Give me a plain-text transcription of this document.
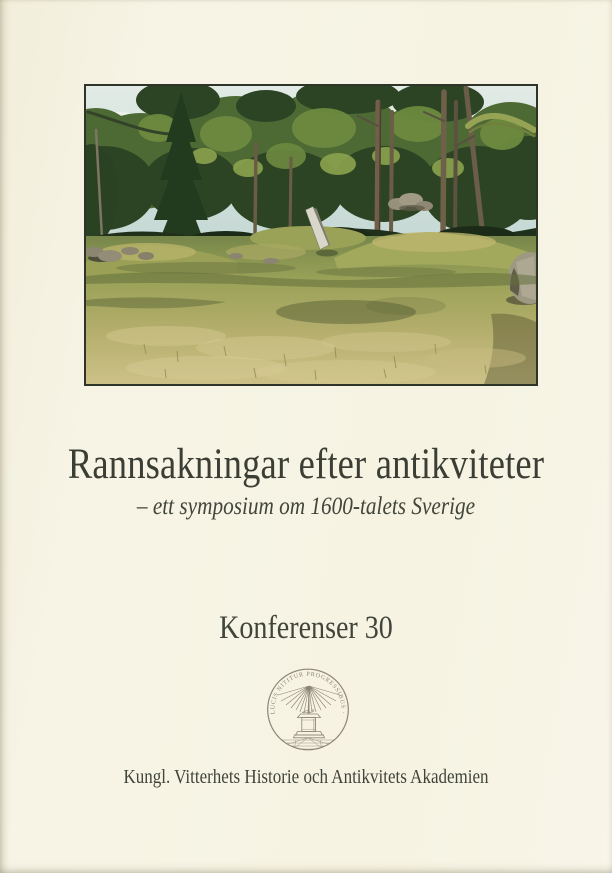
Rannsakningar efter antikviteter

– ett symposium om 1600-talets Sverige

Konferenser 30

LUCIS NITITUR PROGRESSIBUS ·

Kungl. Vitterhets Historie och Antikvitets Akademien
